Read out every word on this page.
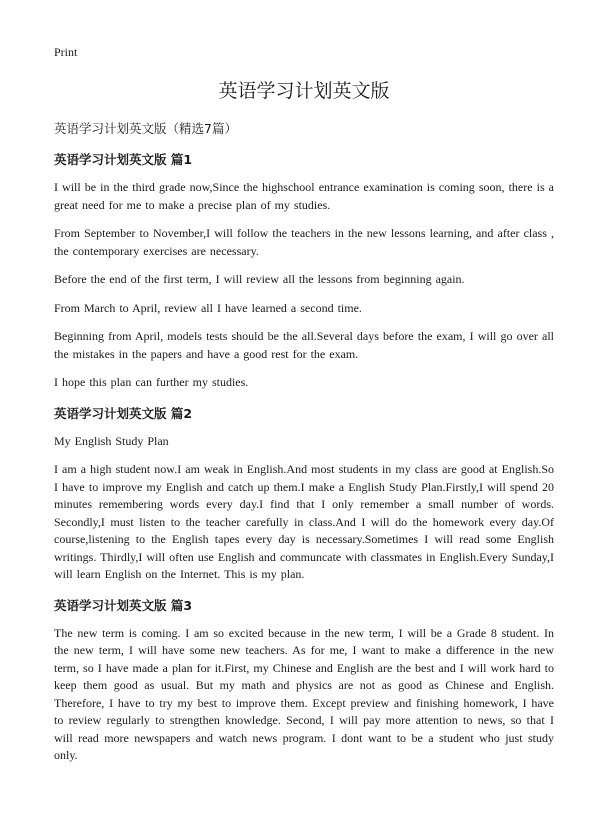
Print

英语学习计划英文版

英语学习计划英文版（精选7篇）

英语学习计划英文版 篇1

I will be in the third grade now,Since the highschool entrance examination is coming soon, there is a great need for me to make a precise plan of my studies.

From September to November,I will follow the teachers in the new lessons learning, and after class , the contemporary exercises are necessary.

Before the end of the first term, I will review all the lessons from beginning again.

From March to April, review all I have learned a second time.

Beginning from April, models tests should be the all.Several days before the exam, I will go over all the mistakes in the papers and have a good rest for the exam.

I hope this plan can further my studies.

英语学习计划英文版 篇2

My English Study Plan

I am a high student now.I am weak in English.And most students in my class are good at English.So I have to improve my English and catch up them.I make a English Study Plan.Firstly,I will spend 20 minutes remembering words every day.I find that I only remember a small number of words. Secondly,I must listen to the teacher carefully in class.And I will do the homework every day.Of course,listening to the English tapes every day is necessary.Sometimes I will read some English writings. Thirdly,I will often use English and communcate with classmates in English.Every Sunday,I will learn English on the Internet. This is my plan.

英语学习计划英文版 篇3

The new term is coming. I am so excited because in the new term, I will be a Grade 8 student. In the new term, I will have some new teachers. As for me, I want to make a difference in the new term, so I have made a plan for it.First, my Chinese and English are the best and I will work hard to keep them good as usual. But my math and physics are not as good as Chinese and English. Therefore, I have to try my best to improve them. Except preview and finishing homework, I have to review regularly to strengthen knowledge. Second, I will pay more attention to news, so that I will read more newspapers and watch news program. I dont want to be a student who just study only.
